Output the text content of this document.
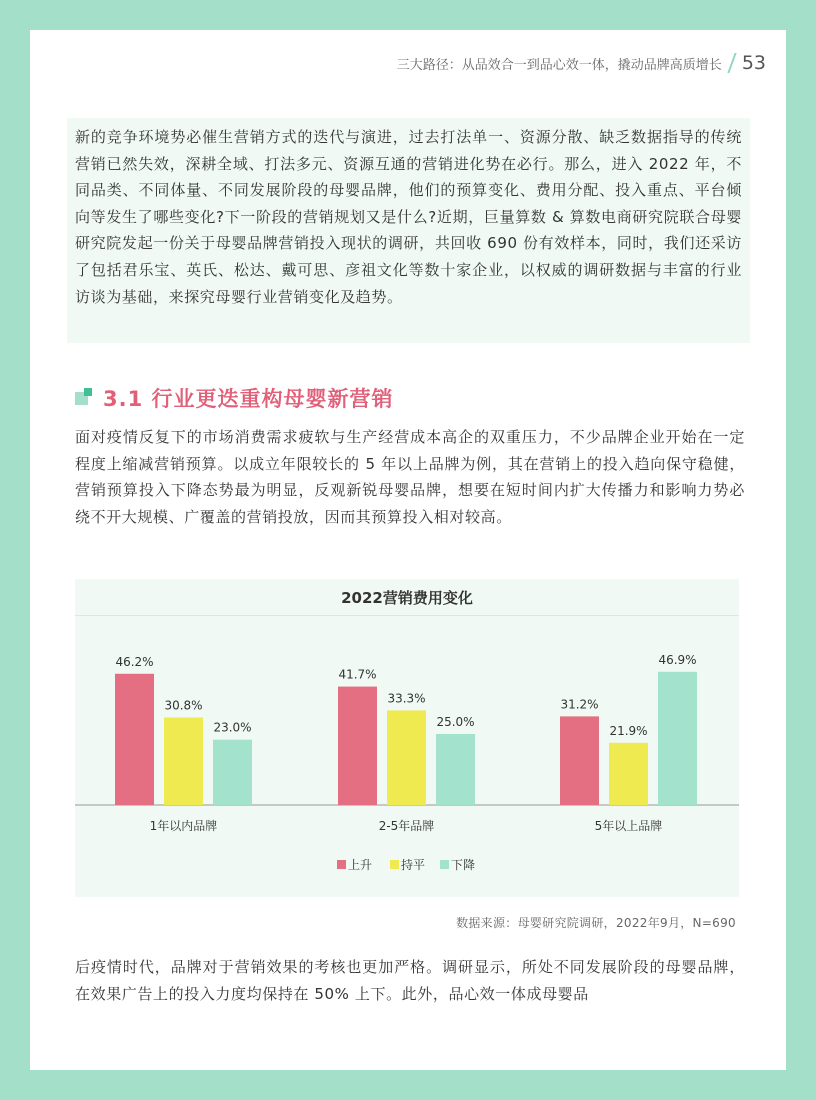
三大路径：从品效合一到品心效一体，撬动品牌高质增长 53

新的竞争环境势必催生营销方式的迭代与演进，过去打法单一、资源分散、缺乏数据指导的传统营销已然失效，深耕全域、打法多元、资源互通的营销进化势在必行。那么，进入 2022 年，不同品类、不同体量、不同发展阶段的母婴品牌，他们的预算变化、费用分配、投入重点、平台倾向等发生了哪些变化?下一阶段的营销规划又是什么?近期，巨量算数 & 算数电商研究院联合母婴研究院发起一份关于母婴品牌营销投入现状的调研，共回收 690 份有效样本，同时，我们还采访了包括君乐宝、英氏、松达、戴可思、彦祖文化等数十家企业，以权威的调研数据与丰富的行业访谈为基础，来探究母婴行业营销变化及趋势。

3.1 行业更迭重构母婴新营销

面对疫情反复下的市场消费需求疲软与生产经营成本高企的双重压力，不少品牌企业开始在一定程度上缩减营销预算。以成立年限较长的 5 年以上品牌为例，其在营销上的投入趋向保守稳健，营销预算投入下降态势最为明显，反观新锐母婴品牌，想要在短时间内扩大传播力和影响力势必绕不开大规模、广覆盖的营销投放，因而其预算投入相对较高。

2022营销费用变化
46.2%
30.8%
23.0%
1年以内品牌
41.7%
33.3%
25.0%
2-5年品牌
31.2%
21.9%
46.9%
5年以上品牌
上升 持平 下降
数据来源：母婴研究院调研，2022年9月，N=690

后疫情时代，品牌对于营销效果的考核也更加严格。调研显示，所处不同发展阶段的母婴品牌，在效果广告上的投入力度均保持在 50% 上下。此外，品心效一体成母婴品
